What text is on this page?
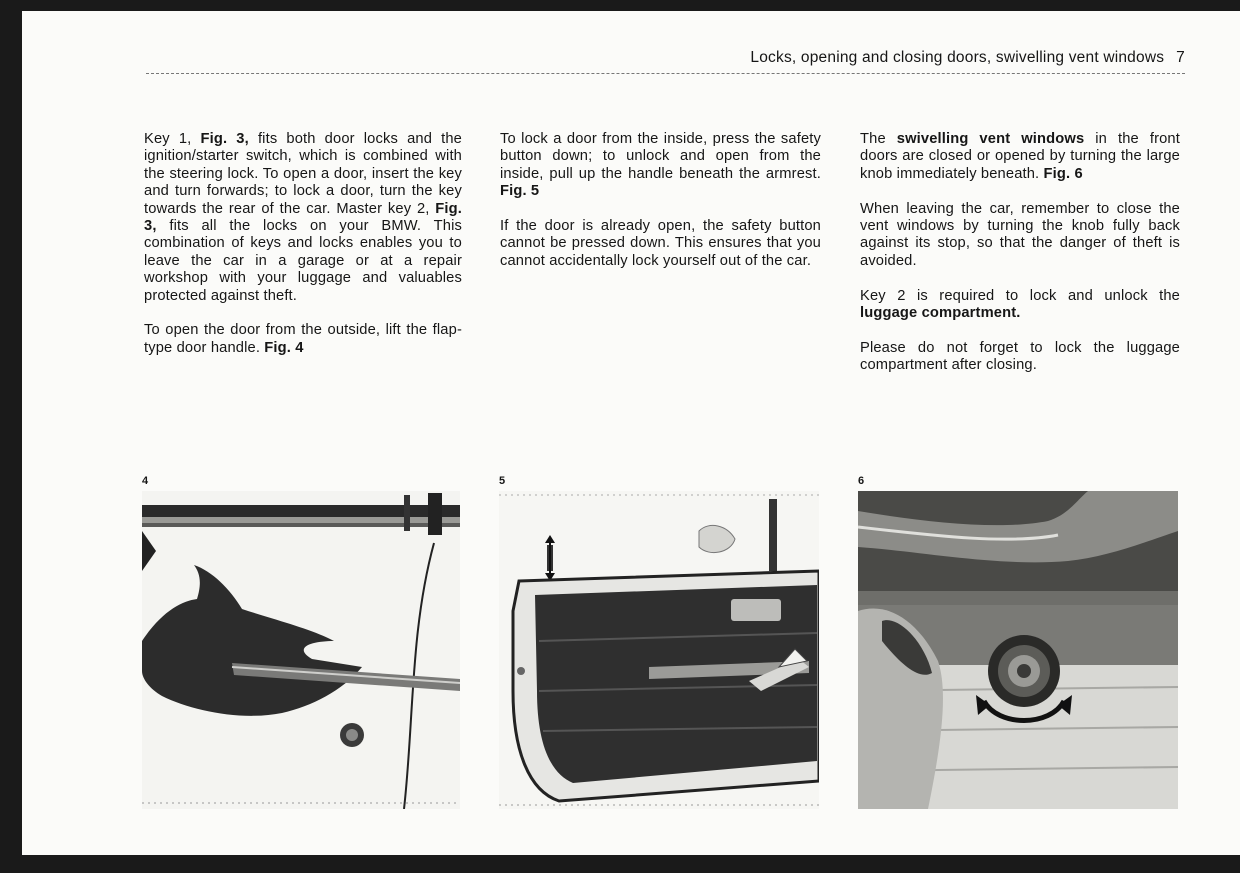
Locks, opening and closing doors, swivelling vent windows 7

Key 1, Fig. 3, fits both door locks and the ignition/starter switch, which is combined with the steering lock. To open a door, insert the key and turn forwards; to lock a door, turn the key towards the rear of the car. Master key 2, Fig. 3, fits all the locks on your BMW. This combination of keys and locks enables you to leave the car in a garage or at a repair workshop with your luggage and valuables protected against theft.

To open the door from the outside, lift the flap-type door handle. Fig. 4

To lock a door from the inside, press the safety button down; to unlock and open from the inside, pull up the handle beneath the armrest. Fig. 5

If the door is already open, the safety button cannot be pressed down. This ensures that you cannot accidentally lock yourself out of the car.

The swivelling vent windows in the front doors are closed or opened by turning the large knob immediately beneath. Fig. 6

When leaving the car, remember to close the vent windows by turning the knob fully back against its stop, so that the danger of theft is avoided.

Key 2 is required to lock and unlock the luggage compartment.

Please do not forget to lock the luggage compartment after closing.

4	5	6
